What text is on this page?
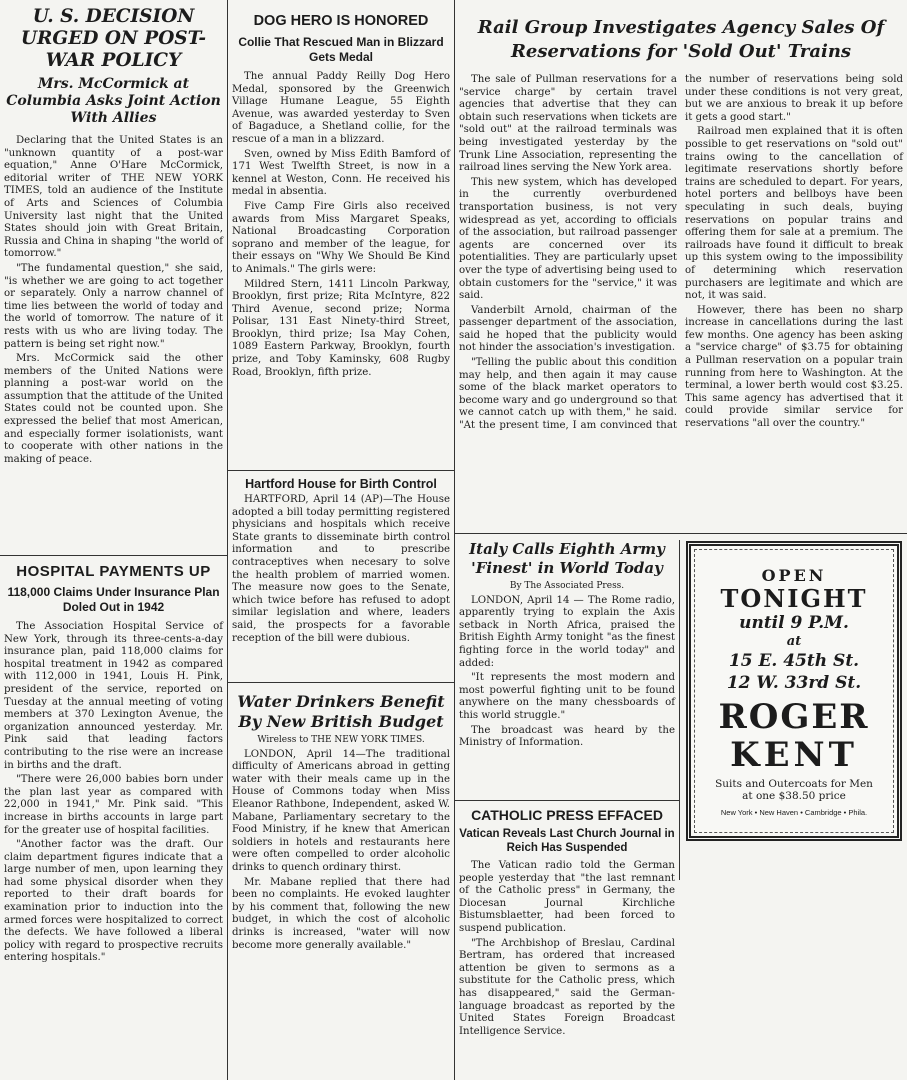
U. S. DECISION URGED ON POST-WAR POLICY
Mrs. McCormick at Columbia Asks Joint Action With Allies

Declaring that the United States is an "unknown quantity of a post-war equation," Anne O'Hare McCormick, editorial writer of THE NEW YORK TIMES, told an audience of the Institute of Arts and Sciences of Columbia University last night that the United States should join with Great Britain, Russia and China in shaping "the world of tomorrow."

"The fundamental question," she said, "is whether we are going to act together or separately. Only a narrow channel of time lies between the world of today and the world of tomorrow. The nature of it rests with us who are living today. The pattern is being set right now."

Mrs. McCormick said the other members of the United Nations were planning a post-war world on the assumption that the attitude of the United States could not be counted upon. She expressed the belief that most American, and especially former isolationists, want to cooperate with other nations in the making of peace.

HOSPITAL PAYMENTS UP
118,000 Claims Under Insurance Plan Doled Out in 1942

The Association Hospital Service of New York, through its three-cents-a-day insurance plan, paid 118,000 claims for hospital treatment in 1942 as compared with 112,000 in 1941, Louis H. Pink, president of the service, reported on Tuesday at the annual meeting of voting members at 370 Lexington Avenue, the organization announced yesterday. Mr. Pink said that leading factors contributing to the rise were an increase in births and the draft.

"There were 26,000 babies born under the plan last year as compared with 22,000 in 1941," Mr. Pink said. "This increase in births accounts in large part for the greater use of hospital facilities.

"Another factor was the draft. Our claim department figures indicate that a large number of men, upon learning they had some physical disorder when they reported to their draft boards for examination prior to induction into the armed forces were hospitalized to correct the defects. We have followed a liberal policy with regard to prospective recruits entering hospitals."

DOG HERO IS HONORED
Collie That Rescued Man in Blizzard Gets Medal

The annual Paddy Reilly Dog Hero Medal, sponsored by the Greenwich Village Humane League, 55 Eighth Avenue, was awarded yesterday to Sven of Bagaduce, a Shetland collie, for the rescue of a man in a blizzard.

Sven, owned by Miss Edith Bamford of 171 West Twelfth Street, is now in a kennel at Weston, Conn. He received his medal in absentia.

Five Camp Fire Girls also received awards from Miss Margaret Speaks, National Broadcasting Corporation soprano and member of the league, for their essays on "Why We Should Be Kind to Animals." The girls were:

Mildred Stern, 1411 Lincoln Parkway, Brooklyn, first prize; Rita McIntyre, 822 Third Avenue, second prize; Norma Polisar, 131 East Ninety-third Street, Brooklyn, third prize; Isa May Cohen, 1089 Eastern Parkway, Brooklyn, fourth prize, and Toby Kaminsky, 608 Rugby Road, Brooklyn, fifth prize.

Hartford House for Birth Control

HARTFORD, April 14 (AP)—The House adopted a bill today permitting registered physicians and hospitals which receive State grants to disseminate birth control information and to prescribe contraceptives when necesary to solve the health problem of married women. The measure now goes to the Senate, which twice before has refused to adopt similar legislation and where, leaders said, the prospects for a favorable reception of the bill were dubious.

Water Drinkers Benefit By New British Budget

Wireless to THE NEW YORK TIMES.

LONDON, April 14—The traditional difficulty of Americans abroad in getting water with their meals came up in the House of Commons today when Miss Eleanor Rathbone, Independent, asked W. Mabane, Parliamentary secretary to the Food Ministry, if he knew that American soldiers in hotels and restaurants here were often compelled to order alcoholic drinks to quench ordinary thirst.

Mr. Mabane replied that there had been no complaints. He evoked laughter by his comment that, following the new budget, in which the cost of alcoholic drinks is increased, "water will now become more generally available."

Rail Group Investigates Agency Sales Of Reservations for 'Sold Out' Trains

The sale of Pullman reservations for a "service charge" by certain travel agencies that advertise that they can obtain such reservations when tickets are "sold out" at the railroad terminals was being investigated yesterday by the Trunk Line Association, representing the railroad lines serving the New York area.

This new system, which has developed in the currently overburdened transportation business, is not very widespread as yet, according to officials of the association, but railroad passenger agents are concerned over its potentialities. They are particularly upset over the type of advertising being used to obtain customers for the "service," it was said.

Vanderbilt Arnold, chairman of the passenger department of the association, said he hoped that the publicity would not hinder the association's investigation.

"Telling the public about this condition may help, and then again it may cause some of the black market operators to become wary and go underground so that we cannot catch up with them," he said. "At the present time, I am convinced that the number of reservations being sold under these conditions is not very great, but we are anxious to break it up before it gets a good start."

Railroad men explained that it is often possible to get reservations on "sold out" trains owing to the cancellation of legitimate reservations shortly before trains are scheduled to depart. For years, hotel porters and bellboys have been speculating in such deals, buying reservations on popular trains and offering them for sale at a premium. The railroads have found it difficult to break up this system owing to the impossibility of determining which reservation purchasers are legitimate and which are not, it was said.

However, there has been no sharp increase in cancellations during the last few months. One agency has been asking a "service charge" of $3.75 for obtaining a Pullman reservation on a popular train running from here to Washington. At the terminal, a lower berth would cost $3.25. This same agency has advertised that it could provide similar service for reservations "all over the country."

Italy Calls Eighth Army 'Finest' in World Today

By The Associated Press.

LONDON, April 14 — The Rome radio, apparently trying to explain the Axis setback in North Africa, praised the British Eighth Army tonight "as the finest fighting force in the world today" and added:

"It represents the most modern and most powerful fighting unit to be found anywhere on the many chessboards of this world struggle."

The broadcast was heard by the Ministry of Information.

CATHOLIC PRESS EFFACED
Vatican Reveals Last Church Journal in Reich Has Suspended

The Vatican radio told the German people yesterday that "the last remnant of the Catholic press" in Germany, the Diocesan Journal Kirchliche Bistumsblaetter, had been forced to suspend publication.

"The Archbishop of Breslau, Cardinal Bertram, has ordered that increased attention be given to sermons as a substitute for the Catholic press, which has disappeared," said the German-language broadcast as reported by the United States Foreign Broadcast Intelligence Service.

OPEN
TONIGHT
until 9 P.M.
at
15 E. 45th St.
12 W. 33rd St.
ROGER
KENT
Suits and Outercoats for Men
at one $38.50 price
New York • New Haven • Cambridge • Phila.
